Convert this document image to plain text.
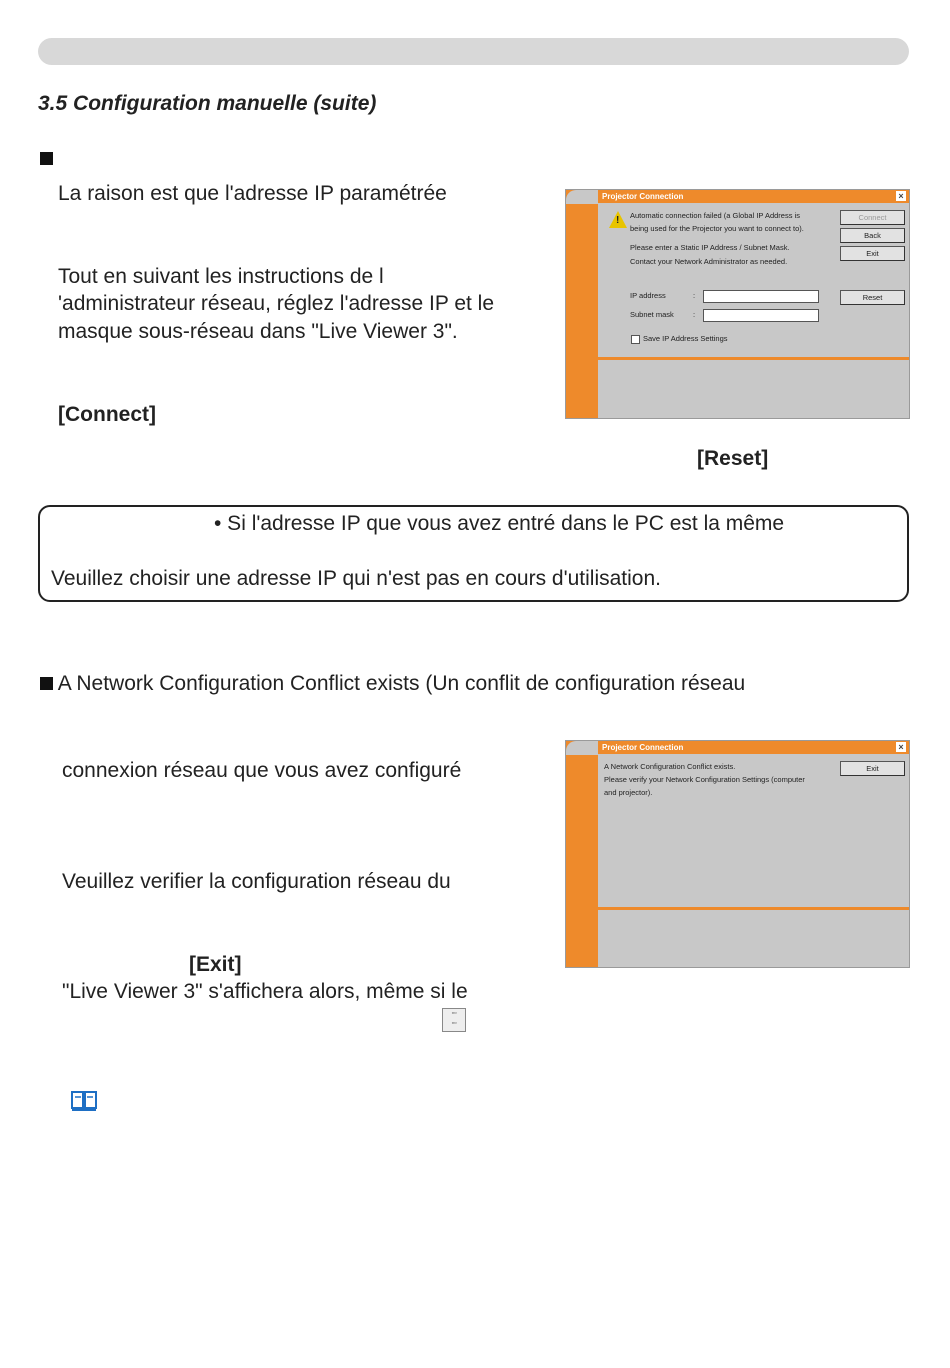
3.5 Configuration manuelle (suite)
La raison est que l'adresse IP paramétrée
Tout en suivant les instructions de l
'administrateur réseau, réglez l'adresse IP et le
masque sous-réseau dans "Live Viewer 3".
[Connect]
[Reset]
Projector Connection	×
! Automatic connection failed (a Global IP Address is
being used for the Projector you want to connect to).
Please enter a Static IP Address / Subnet Mask.
Contact your Network Administrator as needed.
Connect
Back
Exit
IP address	:
Subnet mask	:
Reset
Save IP Address Settings
• Si l'adresse IP que vous avez entré dans le PC est la même
Veuillez choisir une adresse IP qui n'est pas en cours d'utilisation.
A Network Configuration Conflict exists (Un conflit de configuration réseau
connexion réseau que vous avez configuré
Veuillez verifier la configuration réseau du
[Exit]
"Live Viewer 3" s'affichera alors, même si le
▫▫
▫▫
Projector Connection	×
A Network Configuration Conflict exists.
Please verify your Network Configuration Settings (computer
and projector).
Exit
